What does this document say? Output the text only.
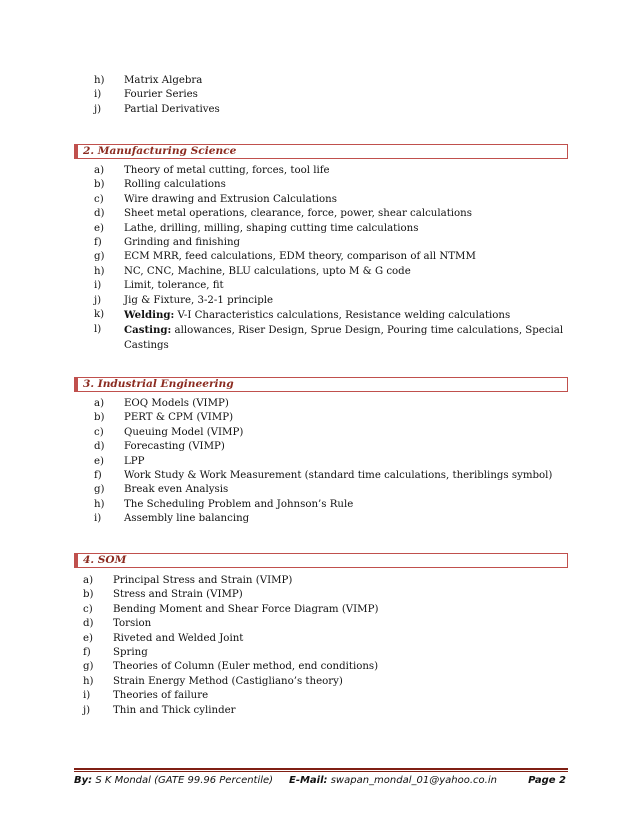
h) Matrix Algebra
i) Fourier Series
j) Partial Derivatives
2. Manufacturing Science
a) Theory of metal cutting, forces, tool life
b) Rolling calculations
c) Wire drawing and Extrusion Calculations
d) Sheet metal operations, clearance, force, power, shear calculations
e) Lathe, drilling, milling, shaping cutting time calculations
f) Grinding and finishing
g) ECM MRR, feed calculations, EDM theory, comparison of all NTMM
h) NC, CNC, Machine, BLU calculations, upto M & G code
i) Limit, tolerance, fit
j) Jig & Fixture, 3-2-1 principle
k) Welding: V-I Characteristics calculations, Resistance welding calculations
l) Casting: allowances, Riser Design, Sprue Design, Pouring time calculations, Special Castings
3. Industrial Engineering
a) EOQ Models (VIMP)
b) PERT & CPM (VIMP)
c) Queuing Model (VIMP)
d) Forecasting (VIMP)
e) LPP
f) Work Study & Work Measurement (standard time calculations, theriblings symbol)
g) Break even Analysis
h) The Scheduling Problem and Johnson’s Rule
i) Assembly line balancing
4. SOM
a) Principal Stress and Strain (VIMP)
b) Stress and Strain (VIMP)
c) Bending Moment and Shear Force Diagram (VIMP)
d) Torsion
e) Riveted and Welded Joint
f) Spring
g) Theories of Column (Euler method, end conditions)
h) Strain Energy Method (Castigliano’s theory)
i) Theories of failure
j) Thin and Thick cylinder
By: S K Mondal (GATE 99.96 Percentile) E-Mail: swapan_mondal_01@yahoo.co.in	Page 2
